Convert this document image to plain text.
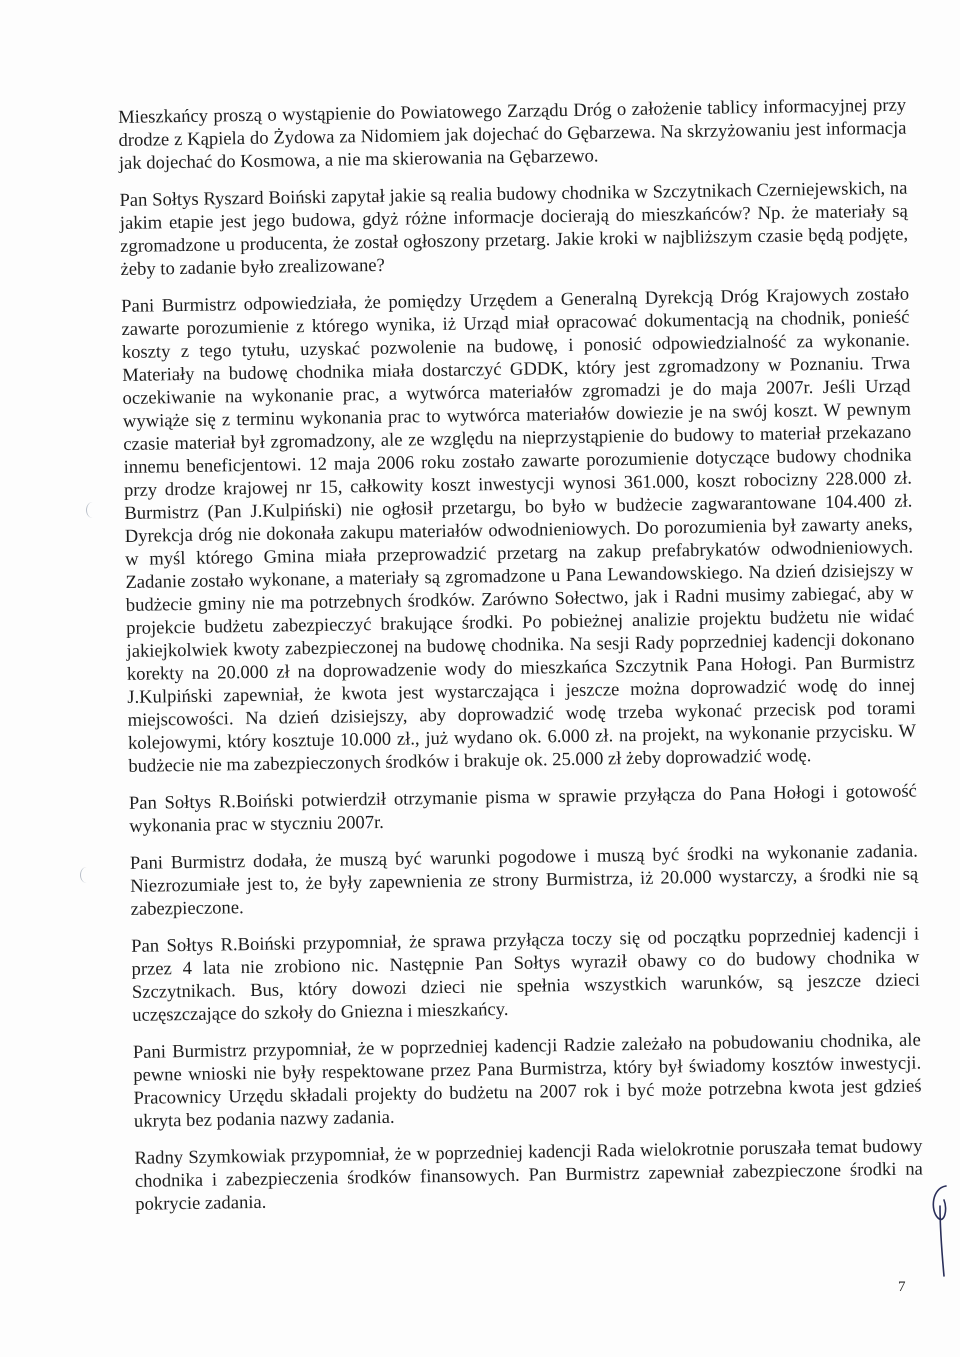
Mieszkańcy proszą o wystąpienie do Powiatowego Zarządu Dróg o założenie tablicy informacyjnej przy drodze z Kąpiela do Żydowa za Nidomiem jak dojechać do Gębarzewa. Na skrzyżowaniu jest informacja jak dojechać do Kosmowa, a nie ma skierowania na Gębarzewo.

Pan Sołtys Ryszard Boiński zapytał jakie są realia budowy chodnika w Szczytnikach Czerniejewskich, na jakim etapie jest jego budowa, gdyż różne informacje docierają do mieszkańców? Np. że materiały są zgromadzone u producenta, że został ogłoszony przetarg. Jakie kroki w najbliższym czasie będą podjęte, żeby to zadanie było zrealizowane?

Pani Burmistrz odpowiedziała, że pomiędzy Urzędem a Generalną Dyrekcją Dróg Krajowych zostało zawarte porozumienie z którego wynika, iż Urząd miał opracować dokumentacją na chodnik, ponieść koszty z tego tytułu, uzyskać pozwolenie na budowę, i ponosić odpowiedzialność za wykonanie. Materiały na budowę chodnika miała dostarczyć GDDK, który jest zgromadzony w Poznaniu. Trwa oczekiwanie na wykonanie prac, a wytwórca materiałów zgromadzi je do maja 2007r. Jeśli Urząd wywiąże się z terminu wykonania prac to wytwórca materiałów dowiezie je na swój koszt. W pewnym czasie materiał był zgromadzony, ale ze względu na nieprzystąpienie do budowy to materiał przekazano innemu beneficjentowi. 12 maja 2006 roku zostało zawarte porozumienie dotyczące budowy chodnika przy drodze krajowej nr 15, całkowity koszt inwestycji wynosi 361.000, koszt robocizny 228.000 zł. Burmistrz (Pan J.Kulpiński) nie ogłosił przetargu, bo było w budżecie zagwarantowane 104.400 zł. Dyrekcja dróg nie dokonała zakupu materiałów odwodnieniowych. Do porozumienia był zawarty aneks, w myśl którego Gmina miała przeprowadzić przetarg na zakup prefabrykatów odwodnieniowych. Zadanie zostało wykonane, a materiały są zgromadzone u Pana Lewandowskiego. Na dzień dzisiejszy w budżecie gminy nie ma potrzebnych środków. Zarówno Sołectwo, jak i Radni musimy zabiegać, aby w projekcie budżetu zabezpieczyć brakujące środki. Po pobieżnej analizie projektu budżetu nie widać jakiejkolwiek kwoty zabezpieczonej na budowę chodnika. Na sesji Rady poprzedniej kadencji dokonano korekty na 20.000 zł na doprowadzenie wody do mieszkańca Szczytnik Pana Hołogi. Pan Burmistrz J.Kulpiński zapewniał, że kwota jest wystarczająca i jeszcze można doprowadzić wodę do innej miejscowości. Na dzień dzisiejszy, aby doprowadzić wodę trzeba wykonać przecisk pod torami kolejowymi, który kosztuje 10.000 zł., już wydano ok. 6.000 zł. na projekt, na wykonanie przycisku. W budżecie nie ma zabezpieczonych środków i brakuje ok. 25.000 zł żeby doprowadzić wodę.

Pan Sołtys R.Boiński potwierdził otrzymanie pisma w sprawie przyłącza do Pana Hołogi i gotowość wykonania prac w styczniu 2007r.

Pani Burmistrz dodała, że muszą być warunki pogodowe i muszą być środki na wykonanie zadania. Niezrozumiałe jest to, że były zapewnienia ze strony Burmistrza, iż 20.000 wystarczy, a środki nie są zabezpieczone.

Pan Sołtys R.Boiński przypomniał, że sprawa przyłącza toczy się od początku poprzedniej kadencji i przez 4 lata nie zrobiono nic. Następnie Pan Sołtys wyraził obawy co do budowy chodnika w Szczytnikach. Bus, który dowozi dzieci nie spełnia wszystkich warunków, są jeszcze dzieci uczęszczające do szkoły do Gniezna i mieszkańcy.

Pani Burmistrz przypomniał, że w poprzedniej kadencji Radzie zależało na pobudowaniu chodnika, ale pewne wnioski nie były respektowane przez Pana Burmistrza, który był świadomy kosztów inwestycji. Pracownicy Urzędu składali projekty do budżetu na 2007 rok i być może potrzebna kwota jest gdzieś ukryta bez podania nazwy zadania.

Radny Szymkowiak przypomniał, że w poprzedniej kadencji Rada wielokrotnie poruszała temat budowy chodnika i zabezpieczenia środków finansowych. Pan Burmistrz zapewniał zabezpieczone środki na pokrycie zadania.

7
